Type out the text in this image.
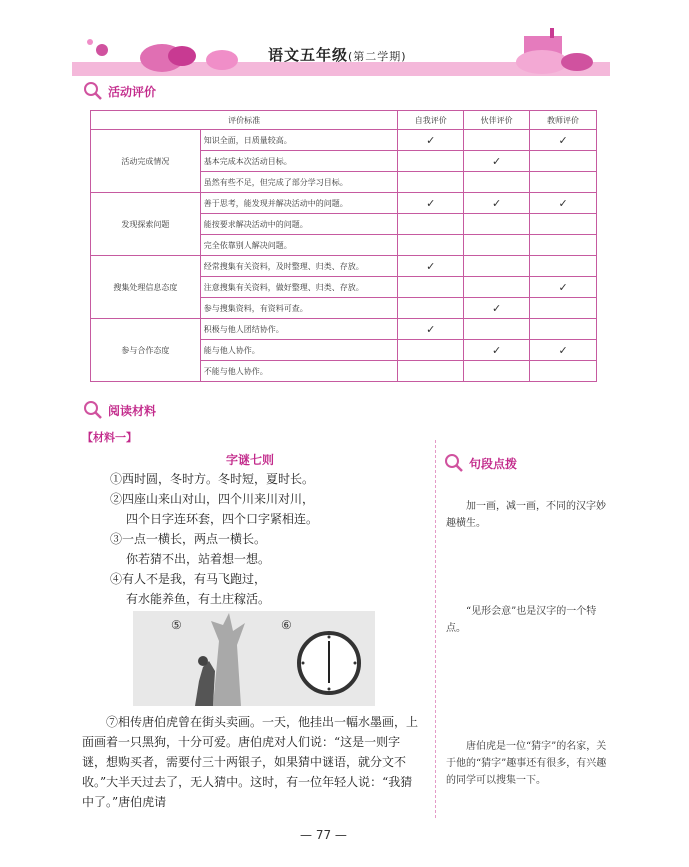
语文五年级(第二学期)
活动评价
评价标准		自我评价	伙伴评价	教师评价
活动完成情况	知识全面，日质量较高。	✓		✓
	基本完成本次活动目标。		✓	
	虽然有些不足，但完成了部分学习目标。			
发现探索问题	善于思考，能发现并解决活动中的问题。	✓	✓	✓
	能按要求解决活动中的问题。			
	完全依靠别人解决问题。			
搜集处理信息态度	经常搜集有关资料，及时整理、归类、存放。	✓		
	注意搜集有关资料，做好整理、归类、存放。			✓
	参与搜集资料，有资料可查。		✓	
参与合作态度	积极与他人团结协作。	✓		
	能与他人协作。		✓	✓
	不能与他人协作。			
阅读材料
【材料一】
字谜七则
①西时圆，冬时方。冬时短，夏时长。
②四座山来山对山，四个川来川对川，
四个日字连环套，四个口字紧相连。
③一点一横长，两点一横长。
你若猜不出，站着想一想。
④有人不是我，有马飞跑过，
有水能养鱼，有土庄稼活。
⑤	⑥

⑦相传唐伯虎曾在街头卖画。一天，他挂出一幅水墨画，上面画着一只黑狗，十分可爱。唐伯虎对人们说：“这是一则字谜，想购买者，需要付三十两银子，如果猜中谜语，就分文不收。”大半天过去了，无人猜中。这时，有一位年轻人说：“我猜中了。”唐伯虎请

句段点拨

加一画，减一画，不同的汉字妙趣横生。

“见形会意”也是汉字的一个特点。

唐伯虎是一位“猜字”的名家，关于他的“猜字”趣事还有很多，有兴趣的同学可以搜集一下。

— 77 —
